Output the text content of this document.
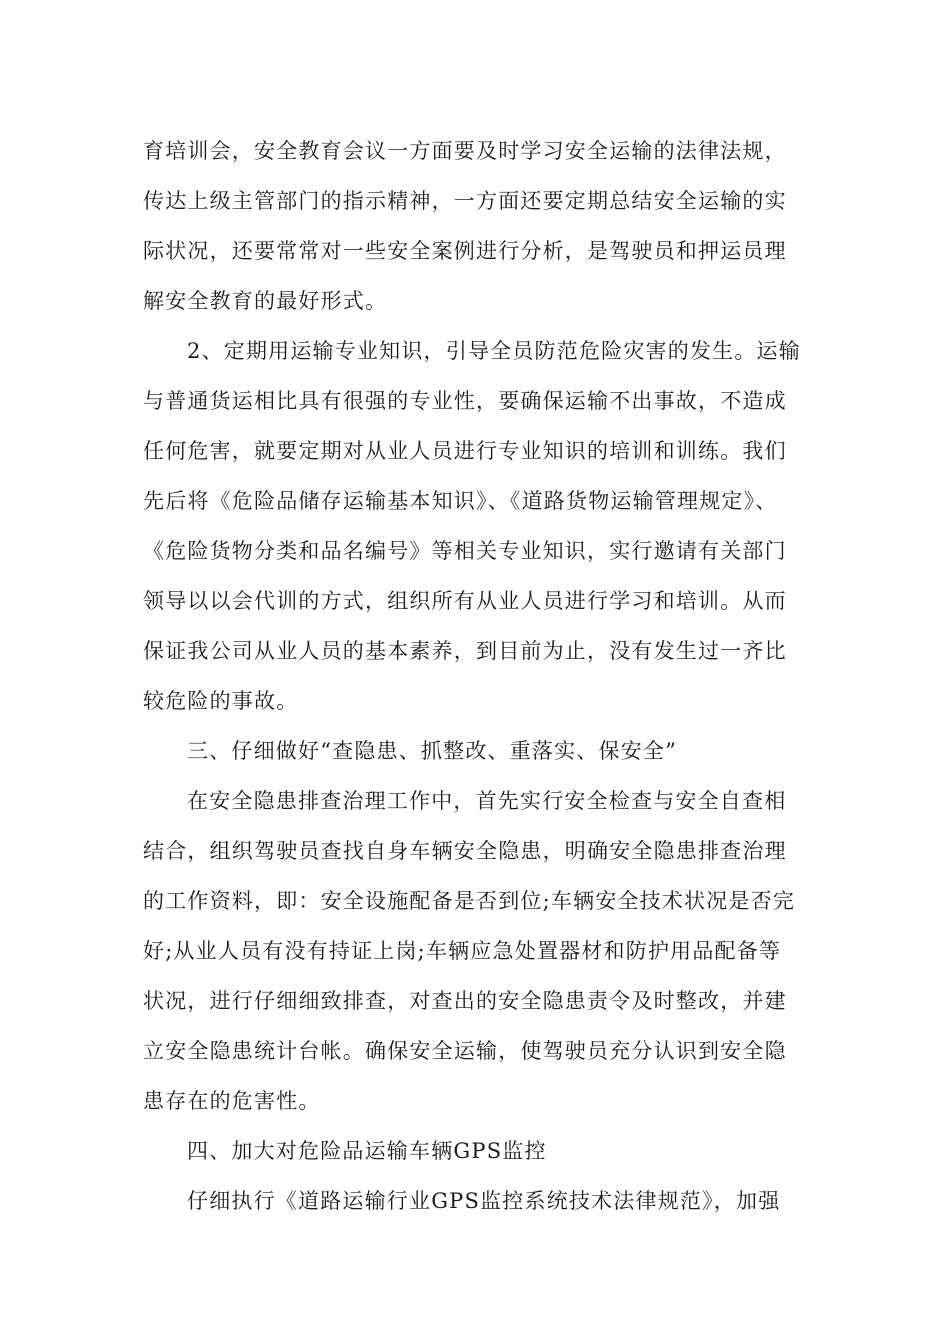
育培训会，安全教育会议一方面要及时学习安全运输的法律法规，
传达上级主管部门的指示精神，一方面还要定期总结安全运输的实
际状况，还要常常对一些安全案例进行分析，是驾驶员和押运员理
解安全教育的最好形式。
2、定期用运输专业知识，引导全员防范危险灾害的发生。运输
与普通货运相比具有很强的专业性，要确保运输不出事故，不造成
任何危害，就要定期对从业人员进行专业知识的培训和训练。我们
先后将《危险品储存运输基本知识》、《道路货物运输管理规定》、
《危险货物分类和品名编号》等相关专业知识，实行邀请有关部门
领导以以会代训的方式，组织所有从业人员进行学习和培训。从而
保证我公司从业人员的基本素养，到目前为止，没有发生过一齐比
较危险的事故。
三、仔细做好“查隐患、抓整改、重落实、保安全”
在安全隐患排查治理工作中，首先实行安全检查与安全自查相
结合，组织驾驶员查找自身车辆安全隐患，明确安全隐患排查治理
的工作资料，即：安全设施配备是否到位;车辆安全技术状况是否完
好;从业人员有没有持证上岗;车辆应急处置器材和防护用品配备等
状况，进行仔细细致排查，对查出的安全隐患责令及时整改，并建
立安全隐患统计台帐。确保安全运输，使驾驶员充分认识到安全隐
患存在的危害性。
四、加大对危险品运输车辆GPS监控
仔细执行《道路运输行业GPS监控系统技术法律规范》，加强
